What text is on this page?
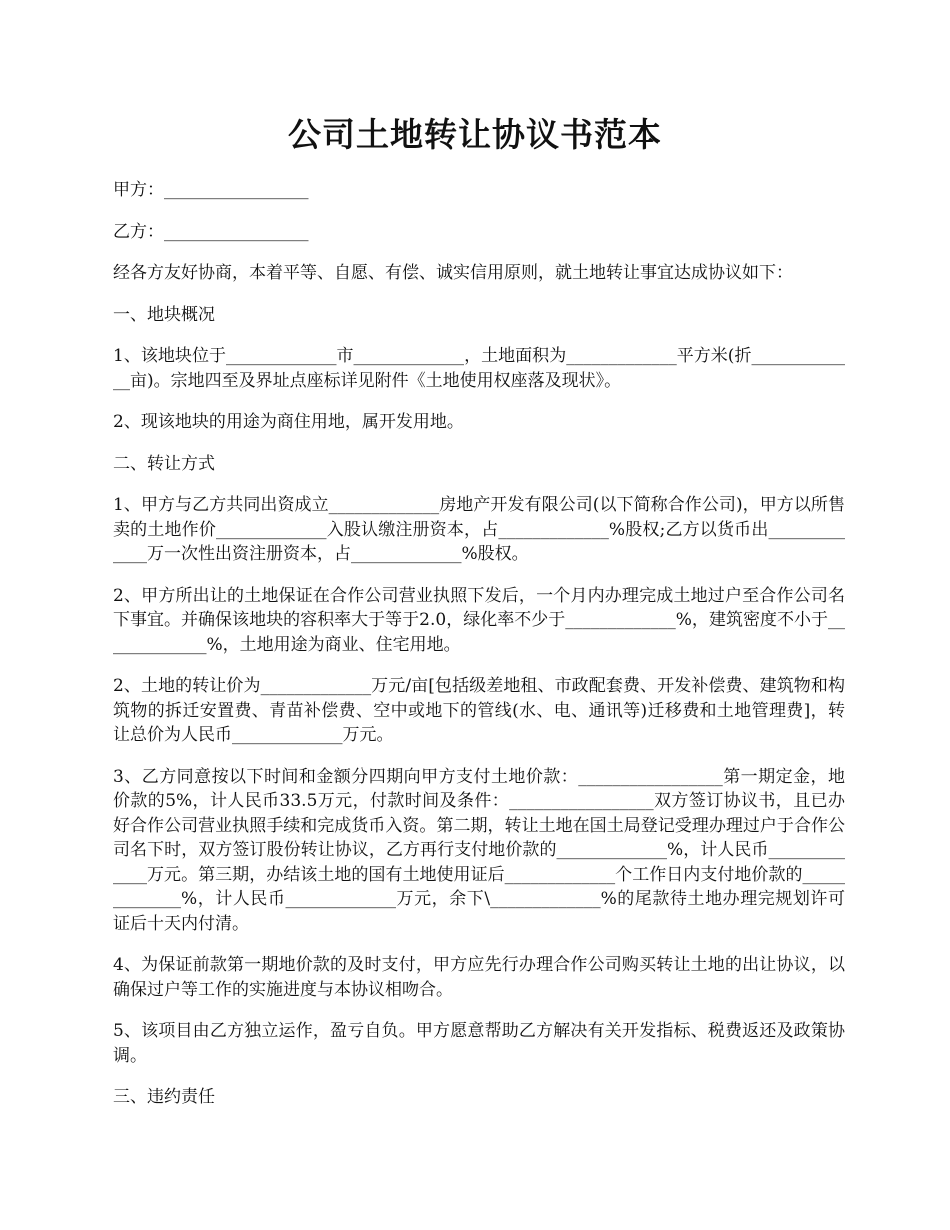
公司土地转让协议书范本

甲方：_________________

乙方：_________________

经各方友好协商，本着平等、自愿、有偿、诚实信用原则，就土地转让事宜达成协议如下：

一、地块概况

1、该地块位于_____________市_____________，土地面积为_____________平方米(折_____________亩)。宗地四至及界址点座标详见附件《土地使用权座落及现状》。

2、现该地块的用途为商住用地，属开发用地。

二、转让方式

1、甲方与乙方共同出资成立_____________房地产开发有限公司(以下简称合作公司)，甲方以所售卖的土地作价_____________入股认缴注册资本，占_____________%股权;乙方以货币出_____________万一次性出资注册资本，占_____________%股权。

2、甲方所出让的土地保证在合作公司营业执照下发后，一个月内办理完成土地过户至合作公司名下事宜。并确保该地块的容积率大于等于2.0，绿化率不少于_____________%，建筑密度不小于_____________%，土地用途为商业、住宅用地。

2、土地的转让价为_____________万元/亩[包括级差地租、市政配套费、开发补偿费、建筑物和构筑物的拆迁安置费、青苗补偿费、空中或地下的管线(水、电、通讯等)迁移费和土地管理费]，转让总价为人民币_____________万元。

3、乙方同意按以下时间和金额分四期向甲方支付土地价款：_________________第一期定金，地价款的5%，计人民币33.5万元，付款时间及条件：_________________双方签订协议书，且已办好合作公司营业执照手续和完成货币入资。第二期，转让土地在国土局登记受理办理过户于合作公司名下时，双方签订股份转让协议，乙方再行支付地价款的_____________%，计人民币_____________万元。第三期，办结该土地的国有土地使用证后_____________个工作日内支付地价款的_____________%，计人民币_____________万元，余下\_____________%的尾款待土地办理完规划许可证后十天内付清。

4、为保证前款第一期地价款的及时支付，甲方应先行办理合作公司购买转让土地的出让协议，以确保过户等工作的实施进度与本协议相吻合。

5、该项目由乙方独立运作，盈亏自负。甲方愿意帮助乙方解决有关开发指标、税费返还及政策协调。

三、违约责任
